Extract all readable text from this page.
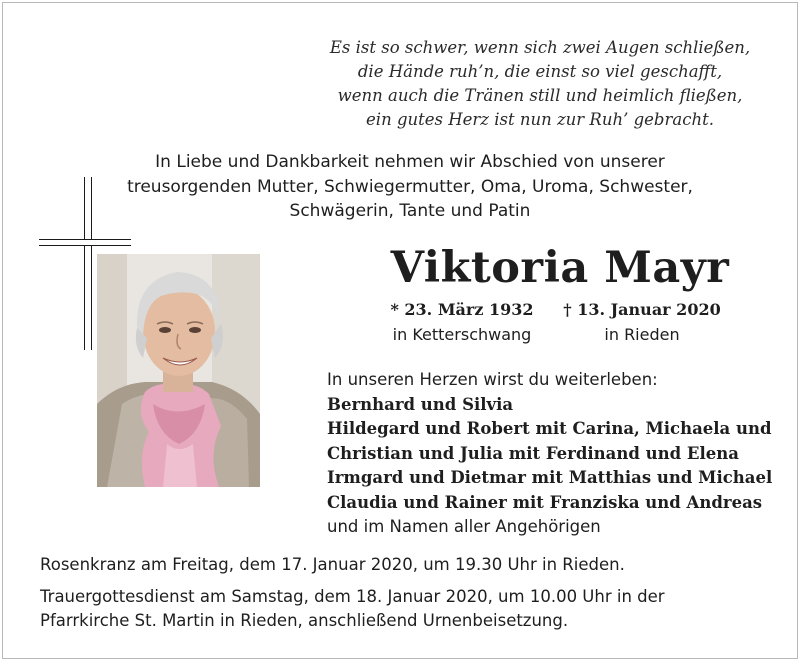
Es ist so schwer, wenn sich zwei Augen schließen,
die Hände ruh’n, die einst so viel geschafft,
wenn auch die Tränen still und heimlich fließen,
ein gutes Herz ist nun zur Ruh’ gebracht.
In Liebe und Dankbarkeit nehmen wir Abschied von unserer
treusorgenden Mutter, Schwiegermutter, Oma, Uroma, Schwester,
Schwägerin, Tante und Patin
Viktoria Mayr
* 23. März 1932
in Ketterschwang
† 13. Januar 2020
in Rieden
In unseren Herzen wirst du weiterleben:
Bernhard und Silvia
Hildegard und Robert mit Carina, Michaela und
Christian und Julia mit Ferdinand und Elena
Irmgard und Dietmar mit Matthias und Michael
Claudia und Rainer mit Franziska und Andreas
und im Namen aller Angehörigen
Rosenkranz am Freitag, dem 17. Januar 2020, um 19.30 Uhr in Rieden.
Trauergottesdienst am Samstag, dem 18. Januar 2020, um 10.00 Uhr in der
Pfarrkirche St. Martin in Rieden, anschließend Urnenbeisetzung.
